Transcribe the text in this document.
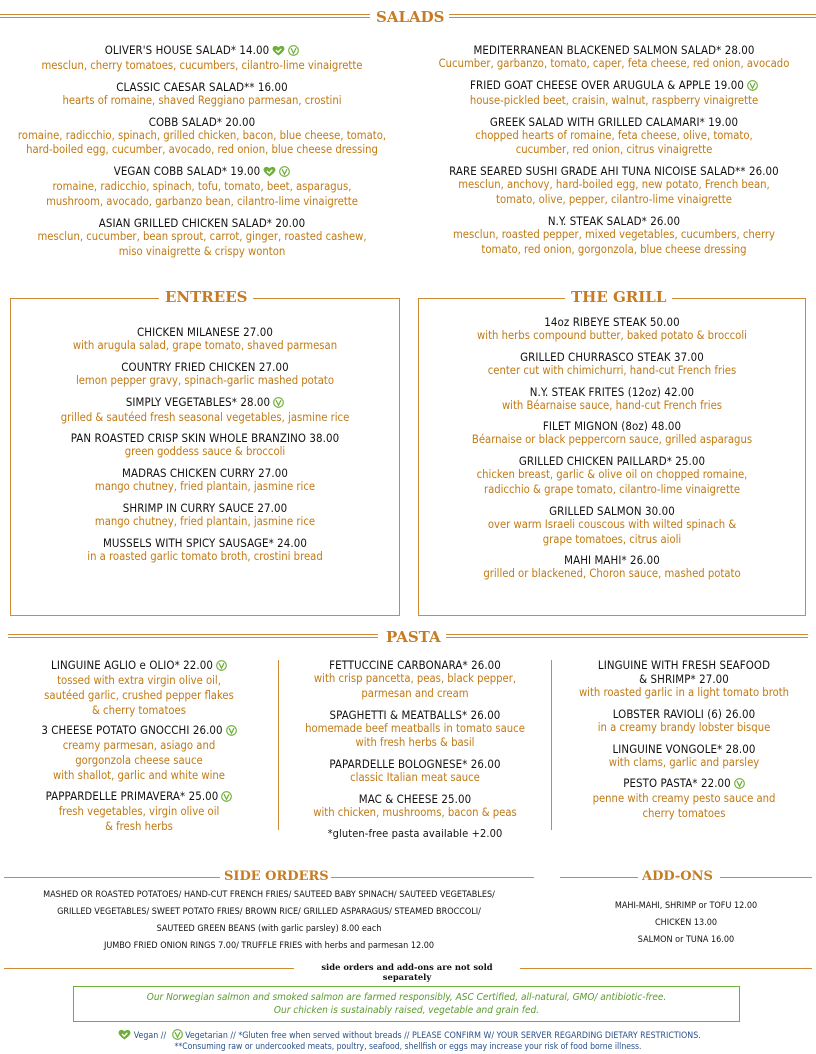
SALADS
OLIVER'S HOUSE SALAD* 14.00
mesclun, cherry tomatoes, cucumbers, cilantro-lime vinaigrette
CLASSIC CAESAR SALAD** 16.00
hearts of romaine, shaved Reggiano parmesan, crostini
COBB SALAD* 20.00
romaine, radicchio, spinach, grilled chicken, bacon, blue cheese, tomato,
hard-boiled egg, cucumber, avocado, red onion, blue cheese dressing
VEGAN COBB SALAD* 19.00
romaine, radicchio, spinach, tofu, tomato, beet, asparagus,
mushroom, avocado, garbanzo bean, cilantro-lime vinaigrette
ASIAN GRILLED CHICKEN SALAD* 20.00
mesclun, cucumber, bean sprout, carrot, ginger, roasted cashew,
miso vinaigrette & crispy wonton
MEDITERRANEAN BLACKENED SALMON SALAD* 28.00
Cucumber, garbanzo, tomato, caper, feta cheese, red onion, avocado
FRIED GOAT CHEESE OVER ARUGULA & APPLE 19.00
house-pickled beet, craisin, walnut, raspberry vinaigrette
GREEK SALAD WITH GRILLED CALAMARI* 19.00
chopped hearts of romaine, feta cheese, olive, tomato,
cucumber, red onion, citrus vinaigrette
RARE SEARED SUSHI GRADE AHI TUNA NICOISE SALAD** 26.00
mesclun, anchovy, hard-boiled egg, new potato, French bean,
tomato, olive, pepper, cilantro-lime vinaigrette
N.Y. STEAK SALAD* 26.00
mesclun, roasted pepper, mixed vegetables, cucumbers, cherry
tomato, red onion, gorgonzola, blue cheese dressing
ENTREES
CHICKEN MILANESE 27.00
with arugula salad, grape tomato, shaved parmesan
COUNTRY FRIED CHICKEN 27.00
lemon pepper gravy, spinach-garlic mashed potato
SIMPLY VEGETABLES* 28.00
grilled & sautéed fresh seasonal vegetables, jasmine rice
PAN ROASTED CRISP SKIN WHOLE BRANZINO 38.00
green goddess sauce & broccoli
MADRAS CHICKEN CURRY 27.00
mango chutney, fried plantain, jasmine rice
SHRIMP IN CURRY SAUCE 27.00
mango chutney, fried plantain, jasmine rice
MUSSELS WITH SPICY SAUSAGE* 24.00
in a roasted garlic tomato broth, crostini bread
THE GRILL
14oz RIBEYE STEAK 50.00
with herbs compound butter, baked potato & broccoli
GRILLED CHURRASCO STEAK 37.00
center cut with chimichurri, hand-cut French fries
N.Y. STEAK FRITES (12oz) 42.00
with Béarnaise sauce, hand-cut French fries
FILET MIGNON (8oz) 48.00
Béarnaise or black peppercorn sauce, grilled asparagus
GRILLED CHICKEN PAILLARD* 25.00
chicken breast, garlic & olive oil on chopped romaine,
radicchio & grape tomato, cilantro-lime vinaigrette
GRILLED SALMON 30.00
over warm Israeli couscous with wilted spinach &
grape tomatoes, citrus aioli
MAHI MAHI* 26.00
grilled or blackened, Choron sauce, mashed potato
PASTA
LINGUINE AGLIO e OLIO* 22.00
tossed with extra virgin olive oil,
sautéed garlic, crushed pepper flakes
& cherry tomatoes
3 CHEESE POTATO GNOCCHI 26.00
creamy parmesan, asiago and
gorgonzola cheese sauce
with shallot, garlic and white wine
PAPPARDELLE PRIMAVERA* 25.00
fresh vegetables, virgin olive oil
& fresh herbs
FETTUCCINE CARBONARA* 26.00
with crisp pancetta, peas, black pepper,
parmesan and cream
SPAGHETTI & MEATBALLS* 26.00
homemade beef meatballs in tomato sauce
with fresh herbs & basil
PAPARDELLE BOLOGNESE* 26.00
classic Italian meat sauce
MAC & CHEESE 25.00
with chicken, mushrooms, bacon & peas
*gluten-free pasta available +2.00
LINGUINE WITH FRESH SEAFOOD
& SHRIMP* 27.00
with roasted garlic in a light tomato broth
LOBSTER RAVIOLI (6) 26.00
in a creamy brandy lobster bisque
LINGUINE VONGOLE* 28.00
with clams, garlic and parsley
PESTO PASTA* 22.00
penne with creamy pesto sauce and
cherry tomatoes
SIDE ORDERS
MASHED OR ROASTED POTATOES/ HAND-CUT FRENCH FRIES/ SAUTEED BABY SPINACH/ SAUTEED VEGETABLES/
GRILLED VEGETABLES/ SWEET POTATO FRIES/ BROWN RICE/ GRILLED ASPARAGUS/ STEAMED BROCCOLI/
SAUTEED GREEN BEANS (with garlic parsley) 8.00 each
JUMBO FRIED ONION RINGS 7.00/ TRUFFLE FRIES with herbs and parmesan 12.00
ADD-ONS
MAHI-MAHI, SHRIMP or TOFU 12.00
CHICKEN 13.00
SALMON or TUNA 16.00
side orders and add-ons are not sold separately
Our Norwegian salmon and smoked salmon are farmed responsibly, ASC Certified, all-natural, GMO/ antibiotic-free.
Our chicken is sustainably raised, vegetable and grain fed.
Vegan // Vegetarian // *Gluten free when served without breads // PLEASE CONFIRM W/ YOUR SERVER REGARDING DIETARY RESTRICTIONS.
**Consuming raw or undercooked meats, poultry, seafood, shellfish or eggs may increase your risk of food borne illness.
